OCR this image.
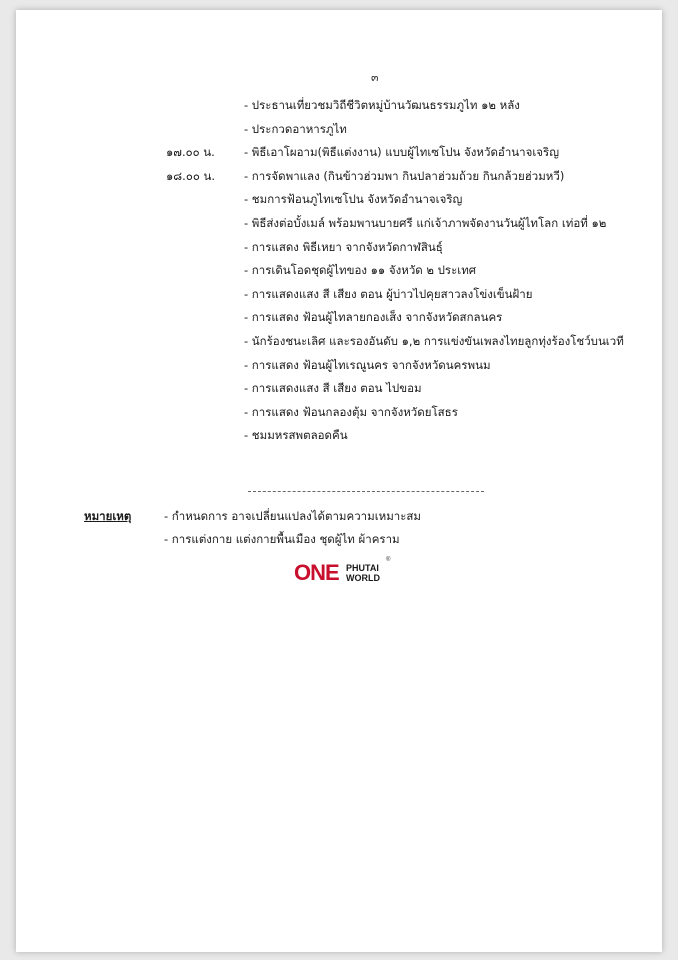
๓
- ประธานเที่ยวชมวิถีชีวิตหมู่บ้านวัฒนธรรมภูไท ๑๒ หลัง
- ประกวดอาหารภูไท
๑๗.๐๐ น.	- พิธีเอาโผอาม(พิธีแต่งงาน) แบบผู้ไทเซโปน จังหวัดอำนาจเจริญ
๑๘.๐๐ น.	- การจัดพาแลง (กินข้าวฮ่วมพา กินปลาฮ่วมถ้วย กินกล้วยฮ่วมหวี)
- ชมการฟ้อนภูไทเซโปน จังหวัดอำนาจเจริญ
- พิธีส่งต่อบั้งเมล์ พร้อมพานบายศรี แก่เจ้าภาพจัดงานวันผู้ไทโลก เท่อที่ ๑๒
- การแสดง พิธีเหยา จากจังหวัดกาฬสินธุ์
- การเดินโอดชุดผู้ไทของ ๑๑ จังหวัด ๒ ประเทศ
- การแสดงแสง สี เสียง ตอน ผู้บ่าวไปคุยสาวลงโข่งเข็นฝ้าย
- การแสดง ฟ้อนผู้ไทลายกองเส็ง จากจังหวัดสกลนคร
- นักร้องชนะเลิศ และรองอันดับ ๑,๒ การแข่งขันเพลงไทยลูกทุ่งร้องโชว์บนเวที
- การแสดง ฟ้อนผู้ไทเรณูนคร จากจังหวัดนครพนม
- การแสดงแสง สี เสียง ตอน ไปขอม
- การแสดง ฟ้อนกลองตุ้ม จากจังหวัดยโสธร
- ชมมหรสพตลอดคืน
หมายเหตุ	- กำหนดการ อาจเปลี่ยนแปลงได้ตามความเหมาะสม
- การแต่งกาย แต่งกายพื้นเมือง ชุดผู้ไท ผ้าคราม
ONE PHUTAI
WORLD
®
